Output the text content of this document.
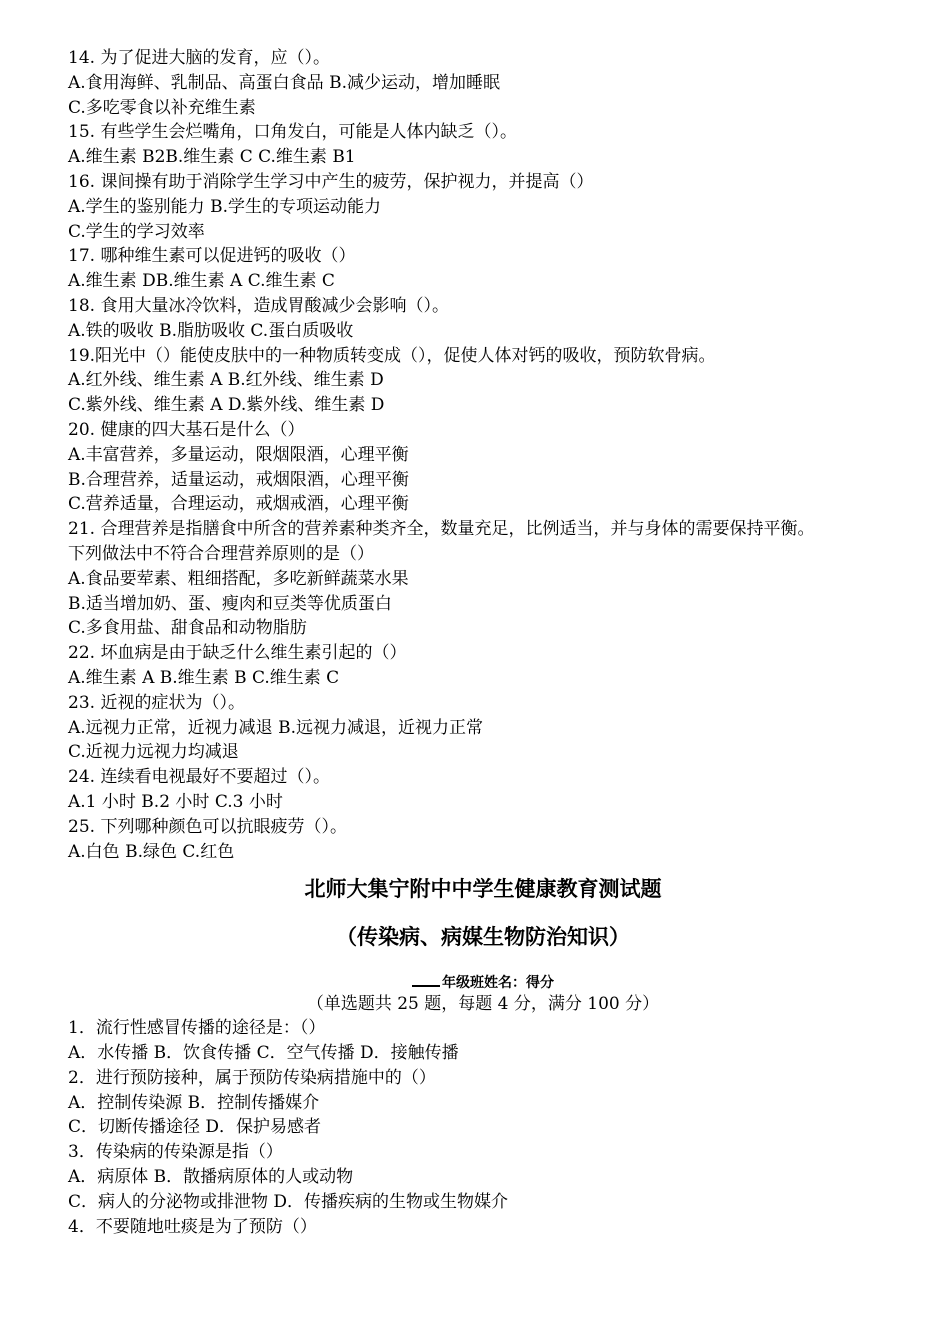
14. 为了促进大脑的发育，应（）。
A.食用海鲜、乳制品、高蛋白食品 B.减少运动，增加睡眠
C.多吃零食以补充维生素
15. 有些学生会烂嘴角，口角发白，可能是人体内缺乏（）。
A.维生素 B2B.维生素 C C.维生素 B1
16. 课间操有助于消除学生学习中产生的疲劳，保护视力，并提高（）
A.学生的鉴别能力 B.学生的专项运动能力
C.学生的学习效率
17. 哪种维生素可以促进钙的吸收（）
A.维生素 DB.维生素 A C.维生素 C
18. 食用大量冰冷饮料，造成胃酸减少会影响（）。
A.铁的吸收 B.脂肪吸收 C.蛋白质吸收
19.阳光中（）能使皮肤中的一种物质转变成（），促使人体对钙的吸收，预防软骨病。
A.红外线、维生素 A B.红外线、维生素 D
C.紫外线、维生素 A D.紫外线、维生素 D
20. 健康的四大基石是什么（）
A.丰富营养，多量运动，限烟限酒，心理平衡
B.合理营养，适量运动，戒烟限酒，心理平衡
C.营养适量，合理运动，戒烟戒酒，心理平衡
21. 合理营养是指膳食中所含的营养素种类齐全，数量充足，比例适当，并与身体的需要保持平衡。
下列做法中不符合合理营养原则的是（）
A.食品要荤素、粗细搭配，多吃新鲜蔬菜水果
B.适当增加奶、蛋、瘦肉和豆类等优质蛋白
C.多食用盐、甜食品和动物脂肪
22. 坏血病是由于缺乏什么维生素引起的（）
A.维生素 A B.维生素 B C.维生素 C
23. 近视的症状为（）。
A.远视力正常，近视力减退 B.远视力减退，近视力正常
C.近视力远视力均减退
24. 连续看电视最好不要超过（）。
A.1 小时 B.2 小时 C.3 小时
25. 下列哪种颜色可以抗眼疲劳（）。
A.白色 B.绿色 C.红色
北师大集宁附中中学生健康教育测试题
（传染病、病媒生物防治知识）
年级班姓名：得分
（单选题共 25 题，每题 4 分，满分 100 分）
1．流行性感冒传播的途径是：（）
A．水传播 B．饮食传播 C．空气传播 D．接触传播
2．进行预防接种，属于预防传染病措施中的（）
A．控制传染源 B．控制传播媒介
C．切断传播途径 D．保护易感者
3．传染病的传染源是指（）
A．病原体 B．散播病原体的人或动物
C．病人的分泌物或排泄物 D．传播疾病的生物或生物媒介
4．不要随地吐痰是为了预防（）
